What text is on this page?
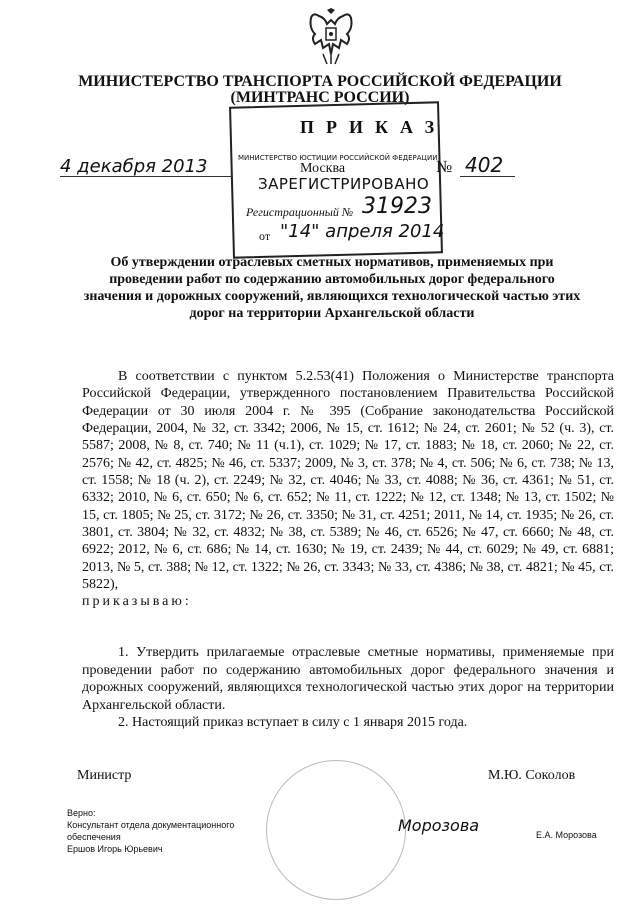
МИНИСТЕРСТВО ТРАНСПОРТА РОССИЙСКОЙ ФЕДЕРАЦИИ
(МИНТРАНС РОССИИ)
ПРИКАЗ
МИНИСТЕРСТВО ЮСТИЦИИ РОССИЙСКОЙ ФЕДЕРАЦИИ
Москва
ЗАРЕГИСТРИРОВАНО
Регистрационный № 31923
от "14" апреля 2014
4 декабря 2013	№ 402
Об утверждении отраслевых сметных нормативов, применяемых при проведении работ по содержанию автомобильных дорог федерального значения и дорожных сооружений, являющихся технологической частью этих дорог на территории Архангельской области

В соответствии с пунктом 5.2.53(41) Положения о Министерстве транспорта Российской Федерации, утвержденного постановлением Правительства Российской Федерации от 30 июля 2004 г. № 395 (Собрание законодательства Российской Федерации, 2004, № 32, ст. 3342; 2006, № 15, ст. 1612; № 24, ст. 2601; № 52 (ч. 3), ст. 5587; 2008, № 8, ст. 740; № 11 (ч.1), ст. 1029; № 17, ст. 1883; № 18, ст. 2060; № 22, ст. 2576; № 42, ст. 4825; № 46, ст. 5337; 2009, № 3, ст. 378; № 4, ст. 506; № 6, ст. 738; № 13, ст. 1558; № 18 (ч. 2), ст. 2249; № 32, ст. 4046; № 33, ст. 4088; № 36, ст. 4361; № 51, ст. 6332; 2010, № 6, ст. 650; № 6, ст. 652; № 11, ст. 1222; № 12, ст. 1348; № 13, ст. 1502; № 15, ст. 1805; № 25, ст. 3172; № 26, ст. 3350; № 31, ст. 4251; 2011, № 14, ст. 1935; № 26, ст. 3801, ст. 3804; № 32, ст. 4832; № 38, ст. 5389; № 46, ст. 6526; № 47, ст. 6660; № 48, ст. 6922; 2012, № 6, ст. 686; № 14, ст. 1630; № 19, ст. 2439; № 44, ст. 6029; № 49, ст. 6881; 2013, № 5, ст. 388; № 12, ст. 1322; № 26, ст. 3343; № 33, ст. 4386; № 38, ст. 4821; № 45, ст. 5822),

приказываю:

1. Утвердить прилагаемые отраслевые сметные нормативы, применяемые при проведении работ по содержанию автомобильных дорог федерального значения и дорожных сооружений, являющихся технологической частью этих дорог на территории Архангельской области.

2. Настоящий приказ вступает в силу с 1 января 2015 года.

Министр	М.Ю. Соколов
Морозова
Верно:
Консультант отдела документационного
обеспечения
Ершов Игорь Юрьевич
Е.А. Морозова
